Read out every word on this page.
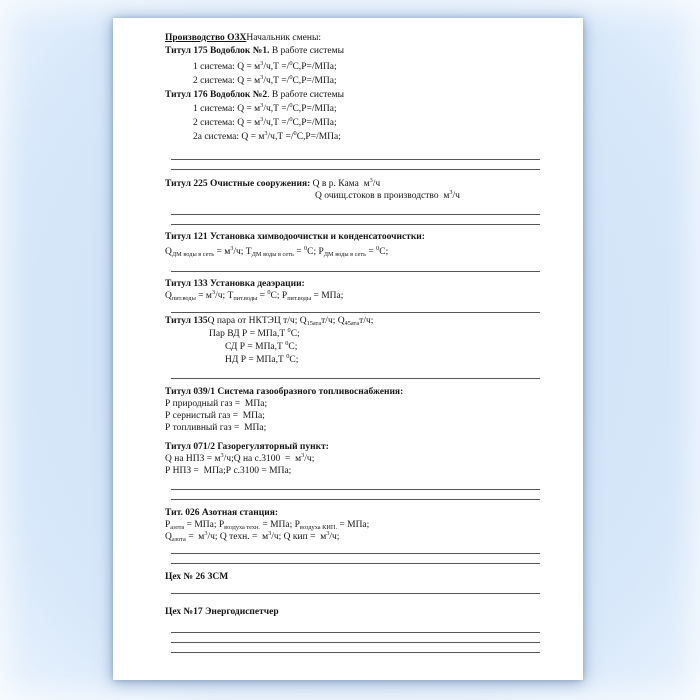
Производство ОЗХНачальник смены:
Титул 175 Водоблок №1. В работе системы
1 система: $Q = м^3/ч,Т =/^0С,Р=/МПа$;
2 система: $Q = м^3/ч,Т =/^0С,Р=/МПа$;
Титул 176 Водоблок №2. В работе системы
1 система: $Q = м^3/ч,Т =/^0С,Р=/МПа$;
2 система: $Q = м^3/ч,Т =/^0С,Р=/МПа$;
2а система: $Q = м^3/ч,Т =/^0С,Р=/МПа$;
Титул 225 Очистные сооружения: Q в р. Кама  $м^3/ч$
Q очищ.стоков в производство  $м^3/ч$
Титул 121 Установка химводоочистки и конденсатоочистки:
$Q_{ДМ воды в сеть} = м^3/ч$; $Т_{ДМ воды в сеть} = ^0С$; $Р_{ДМ воды в сеть} = ^0С$;
Титул 133 Установка деаэрации:
$Q_{пит.воды} = м^3/ч$; $Т_{пит.воды} = ^0С$; $Р_{пит.воды}$ = МПа;
Титул 135Q пара от НКТЭЦ т/ч; $Q_{15ата}т/ч$; $Q_{45ата}т/ч$;
Пар ВД Р = МПа,Т $^0$С;
СД Р = МПа,Т $^0$С;
НД Р = МПа,Т $^0$С;
Титул 039/1 Система газообразного топливоснабжения:
Р природный газ =  МПа;
Р сернистый газ =  МПа;
Р топливный газ =  МПа;
Титул 071/2 Газорегуляторный пункт:
Q на НПЗ = $м^3/ч;Q$ на $с.3100 = м^3/ч$;
Р НПЗ =  МПа;Р с.3100 = МПа;
Тит. 026 Азотная станция:
$Р_{азота}$ = МПа; $Р_{воздуха техн.}$ = МПа; $Р_{воздуха КИП.}$ = МПа;
$Q_{азота} = м^3/ч$; Q техн. =  $м^3/ч$; Q кип =  $м^3/ч$;
Цех № 26 ЗСМ
Цех №17 Энергодиспетчер
